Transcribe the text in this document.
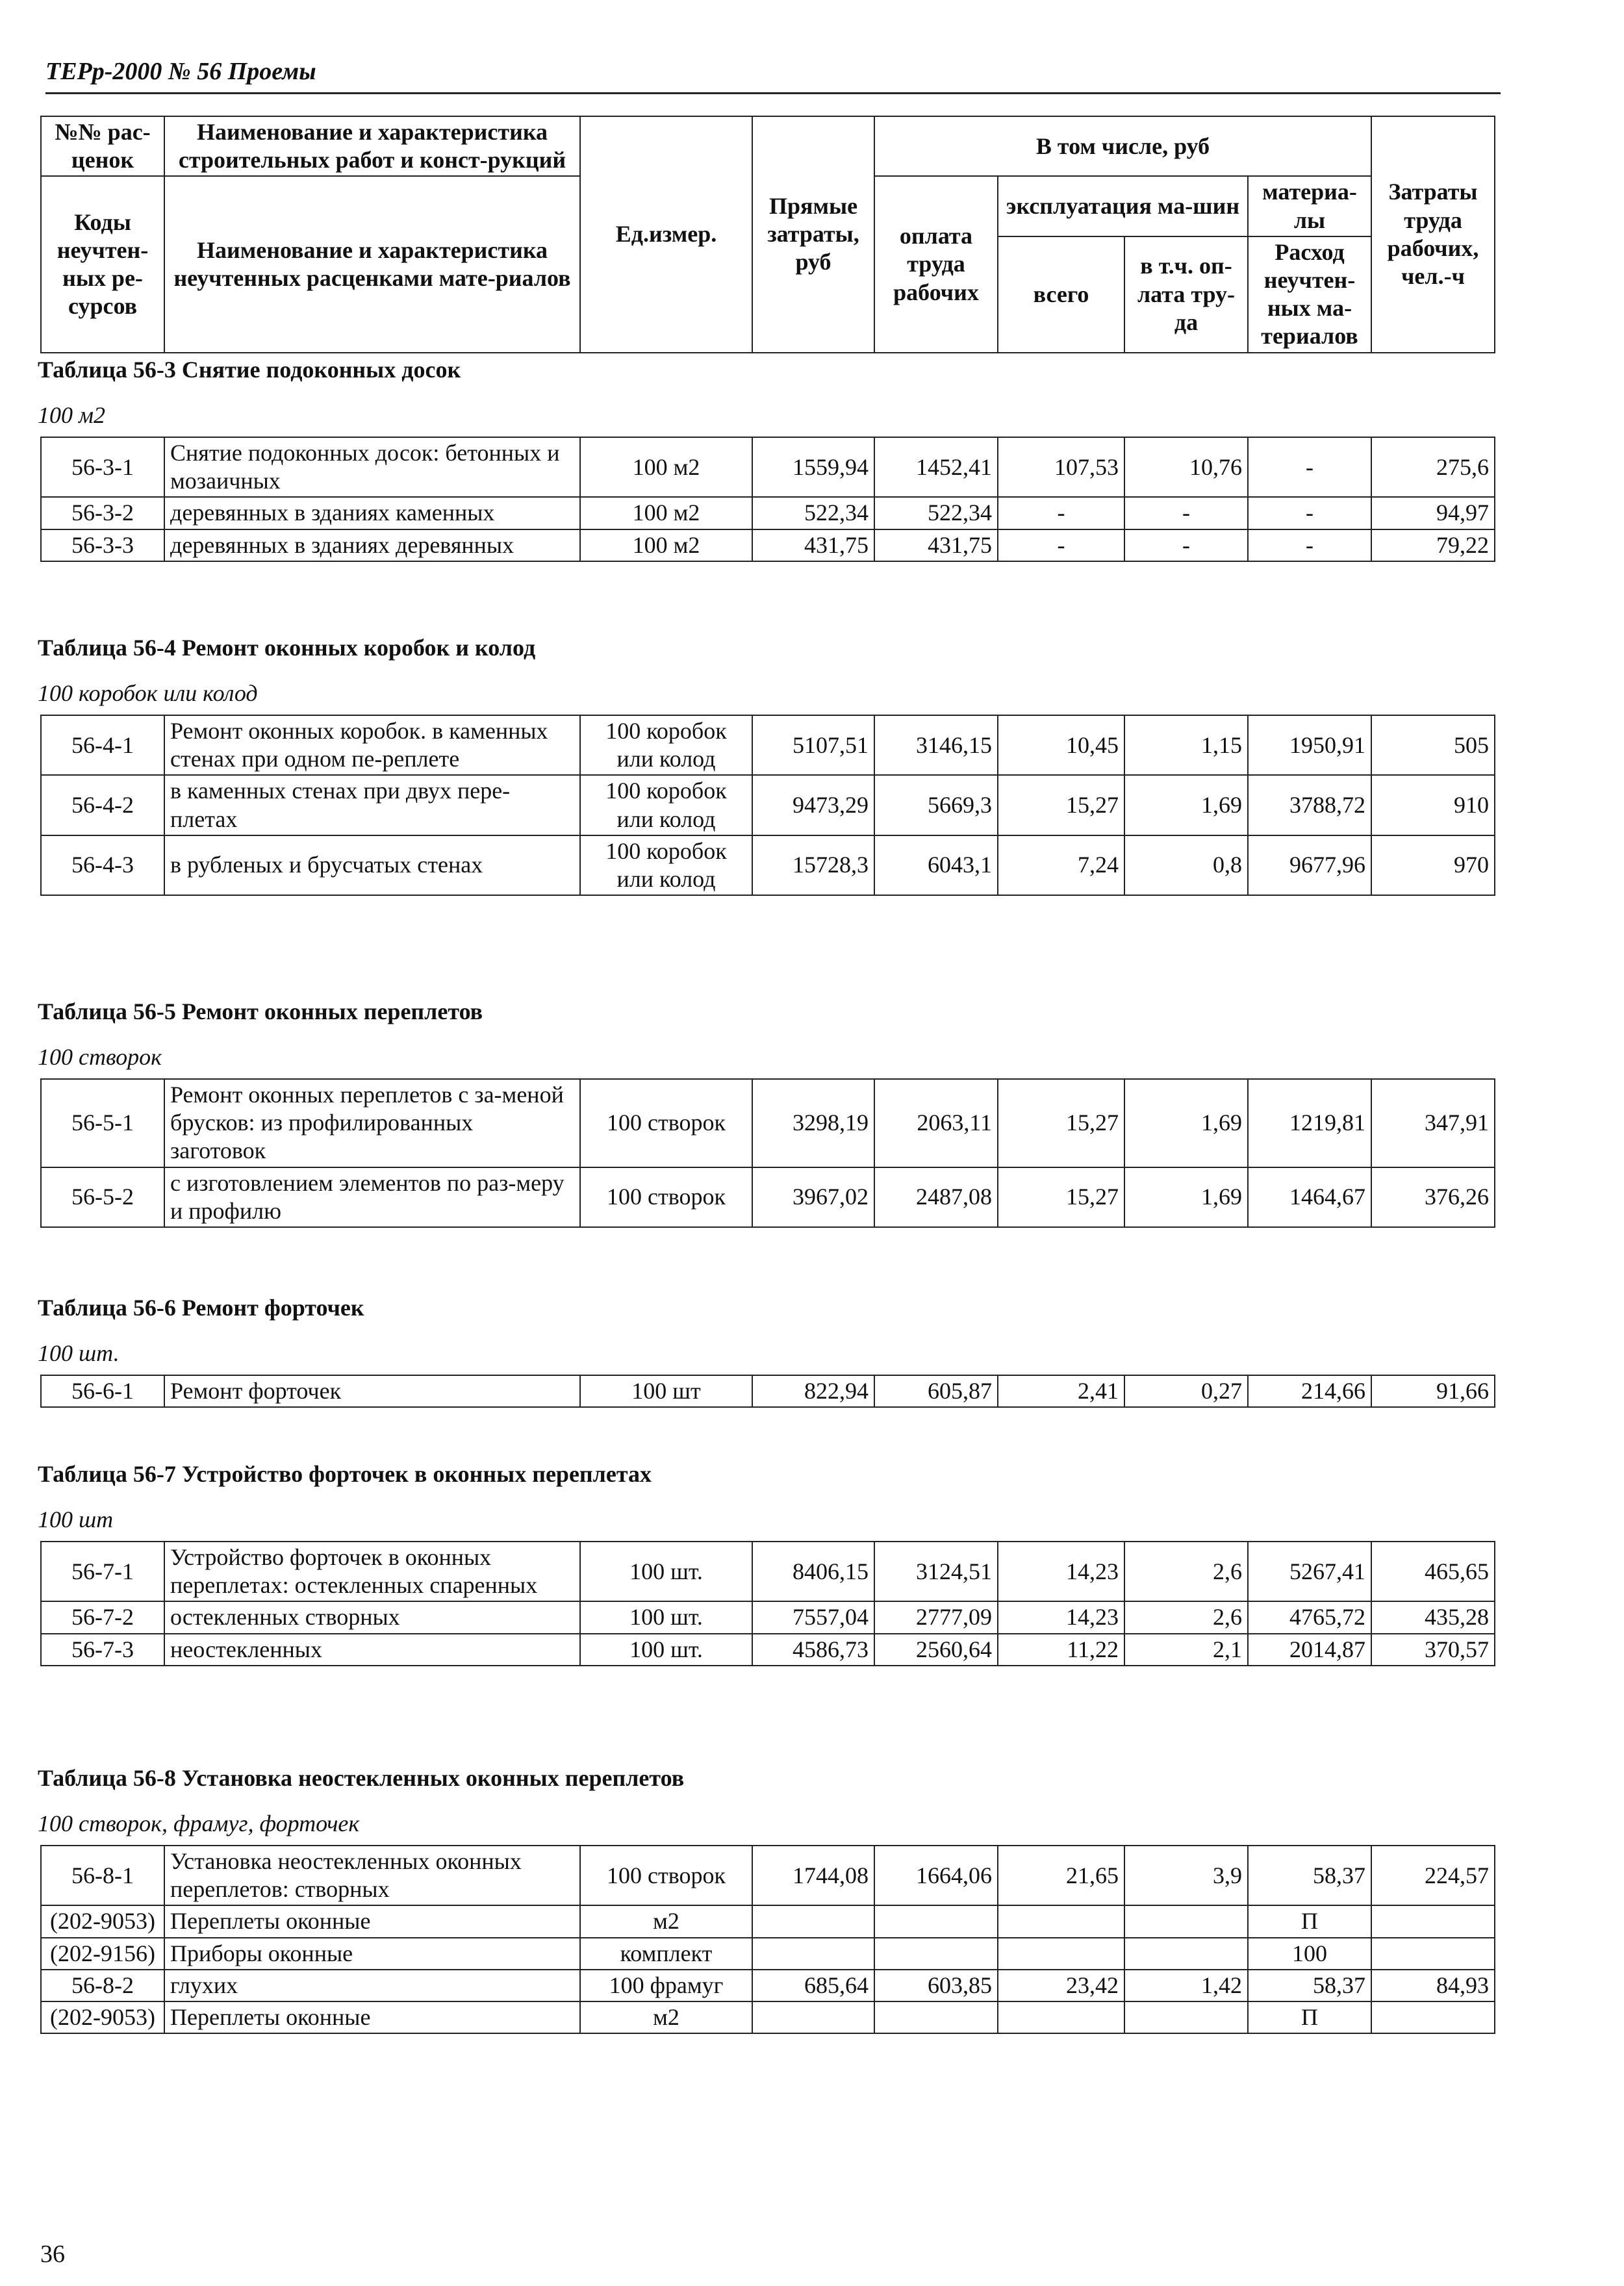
ТЕРр-2000 № 56 Проемы
№№ рас-ценок	Наименование и характеристика строительных работ и конст-рукций	Ед.измер.	Прямые затраты, руб	В том числе, руб				Затраты труда рабочих, чел.-ч
Коды неучтен-ных ре-сурсов	Наименование и характеристика неучтенных расценками мате-риалов			оплата труда рабочих	эксплуатация ма-шин		материа-лы	
					всего	в т.ч. оп-лата тру-да	Расход неучтен-ных ма-териалов	
Таблица 56-3 Снятие подоконных досок
100 м2
56-3-1	Снятие подоконных досок: бетонных и мозаичных	100 м2	1559,94	1452,41	107,53	10,76	-	275,6
56-3-2	деревянных в зданиях каменных	100 м2	522,34	522,34	-	-	-	94,97
56-3-3	деревянных в зданиях деревянных	100 м2	431,75	431,75	-	-	-	79,22
Таблица 56-4 Ремонт оконных коробок и колод
100 коробок или колод
56-4-1	Ремонт оконных коробок. в каменных стенах при одном пе-реплете	100 коробок или колод	5107,51	3146,15	10,45	1,15	1950,91	505
56-4-2	в каменных стенах при двух пере-плетах	100 коробок или колод	9473,29	5669,3	15,27	1,69	3788,72	910
56-4-3	в рубленых и брусчатых стенах	100 коробок или колод	15728,3	6043,1	7,24	0,8	9677,96	970
Таблица 56-5 Ремонт оконных переплетов
100 створок
56-5-1	Ремонт оконных переплетов с за-меной брусков: из профилированных заготовок	100 створок	3298,19	2063,11	15,27	1,69	1219,81	347,91
56-5-2	с изготовлением элементов по раз-меру и профилю	100 створок	3967,02	2487,08	15,27	1,69	1464,67	376,26
Таблица 56-6 Ремонт форточек
100 шт.
56-6-1	Ремонт форточек	100 шт	822,94	605,87	2,41	0,27	214,66	91,66
Таблица 56-7 Устройство форточек в оконных переплетах
100 шт
56-7-1	Устройство форточек в оконных переплетах: остекленных спаренных	100 шт.	8406,15	3124,51	14,23	2,6	5267,41	465,65
56-7-2	остекленных створных	100 шт.	7557,04	2777,09	14,23	2,6	4765,72	435,28
56-7-3	неостекленных	100 шт.	4586,73	2560,64	11,22	2,1	2014,87	370,57
Таблица 56-8 Установка неостекленных оконных переплетов
100 створок, фрамуг, форточек
56-8-1	Установка неостекленных оконных переплетов: створных	100 створок	1744,08	1664,06	21,65	3,9	58,37	224,57
(202-9053)	Переплеты оконные	м2					П	
(202-9156)	Приборы оконные	комплект					100	
56-8-2	глухих	100 фрамуг	685,64	603,85	23,42	1,42	58,37	84,93
(202-9053)	Переплеты оконные	м2					П	
36
